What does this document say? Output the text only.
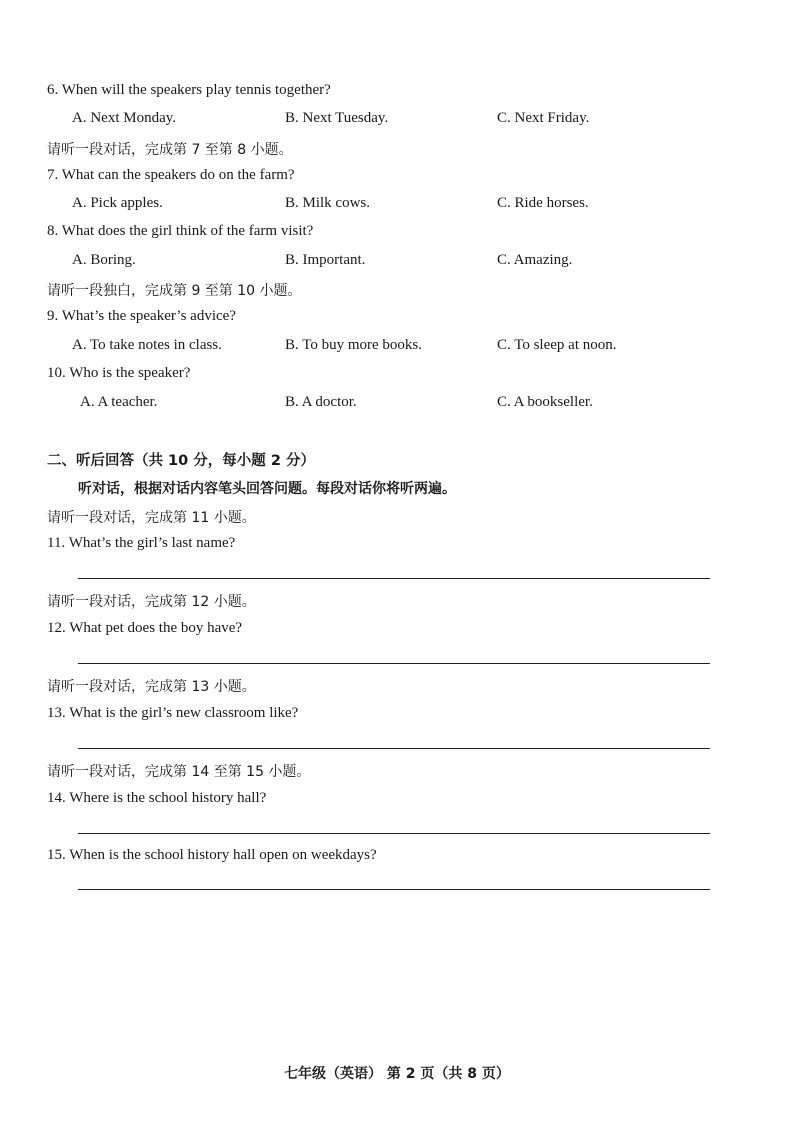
6. When will the speakers play tennis together?
A. Next Monday.	B. Next Tuesday.	C. Next Friday.
请听一段对话，完成第 7 至第 8 小题。
7. What can the speakers do on the farm?
A. Pick apples.	B. Milk cows.	C. Ride horses.
8. What does the girl think of the farm visit?
A. Boring.	B. Important.	C. Amazing.
请听一段独白，完成第 9 至第 10 小题。
9. What’s the speaker’s advice?
A. To take notes in class.	B. To buy more books.	C. To sleep at noon.
10. Who is the speaker?
A. A teacher.	B. A doctor.	C. A bookseller.
二、听后回答（共 10 分，每小题 2 分）
听对话，根据对话内容笔头回答问题。每段对话你将听两遍。
请听一段对话，完成第 11 小题。
11. What’s the girl’s last name?
请听一段对话，完成第 12 小题。
12. What pet does the boy have?
请听一段对话，完成第 13 小题。
13. What is the girl’s new classroom like?
请听一段对话，完成第 14 至第 15 小题。
14. Where is the school history hall?
15. When is the school history hall open on weekdays?
七年级（英语） 第 2 页（共 8 页）
